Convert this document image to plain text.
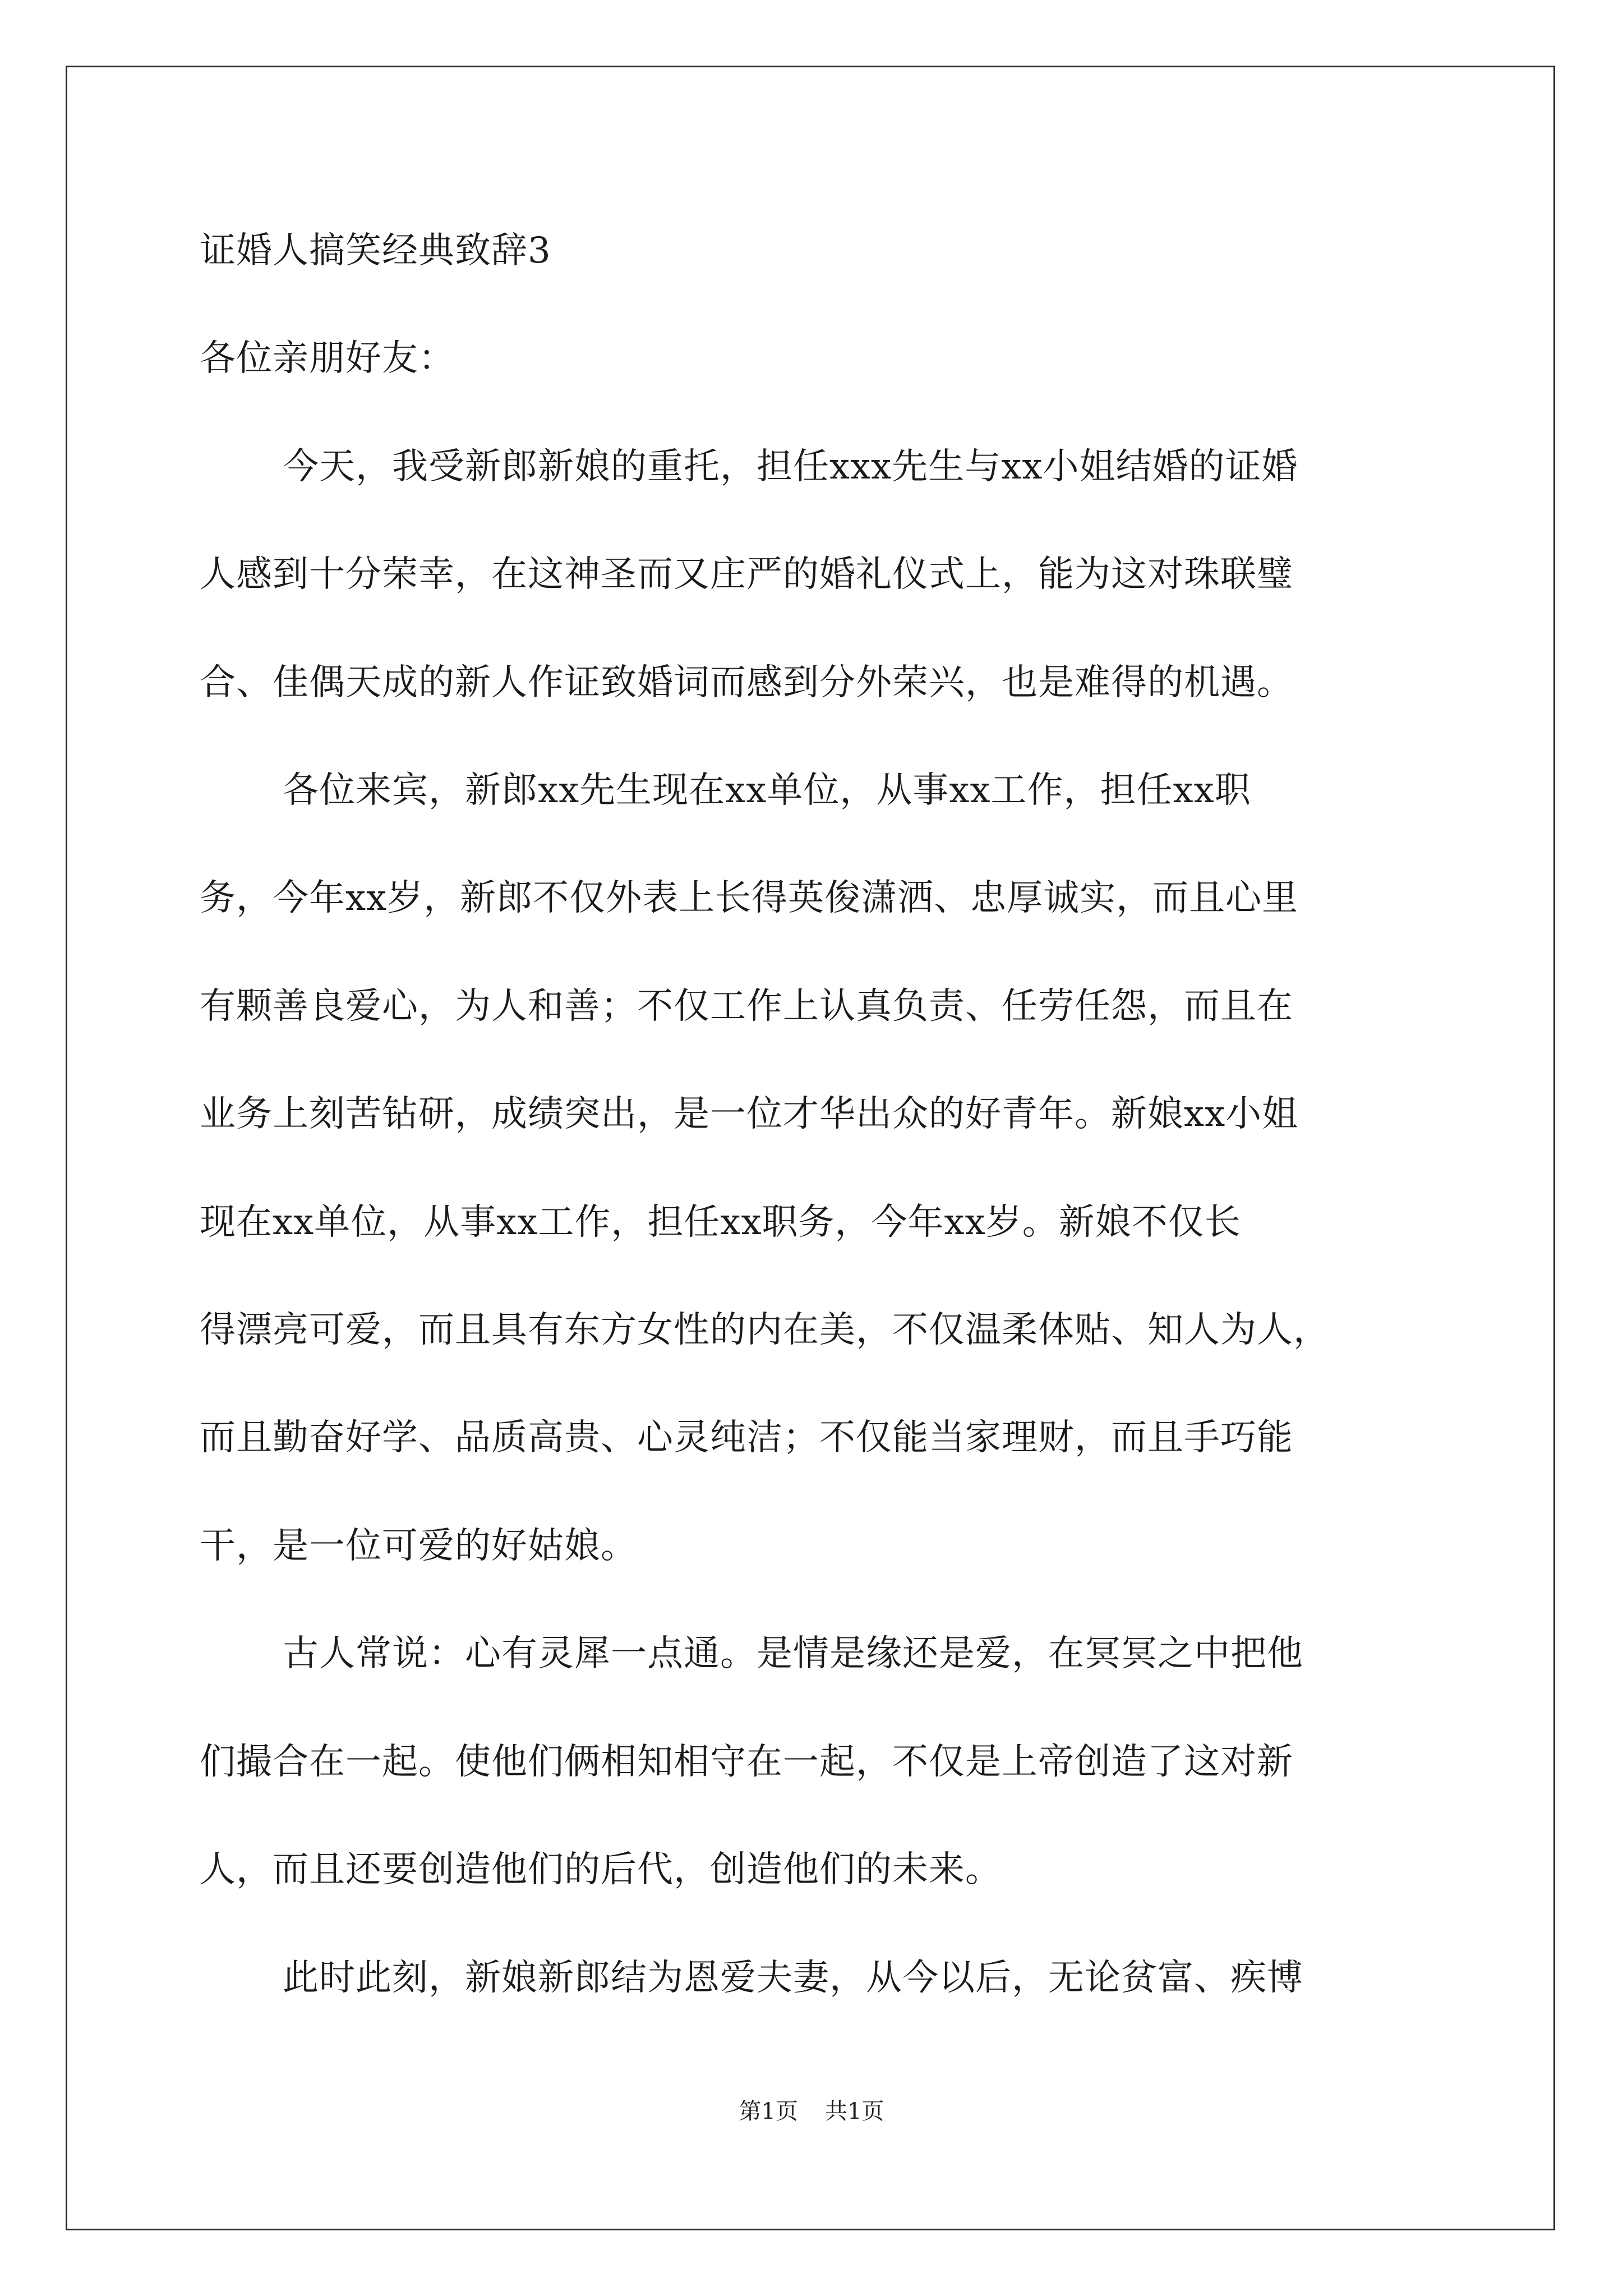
证婚人搞笑经典致辞3
各位亲朋好友：
今天，我受新郎新娘的重托，担任xxx先生与xx小姐结婚的证婚
人感到十分荣幸，在这神圣而又庄严的婚礼仪式上，能为这对珠联璧
合、佳偶天成的新人作证致婚词而感到分外荣兴，也是难得的机遇。
各位来宾，新郎xx先生现在xx单位，从事xx工作，担任xx职
务，今年xx岁，新郎不仅外表上长得英俊潇洒、忠厚诚实，而且心里
有颗善良爱心，为人和善；不仅工作上认真负责、任劳任怨，而且在
业务上刻苦钻研，成绩突出，是一位才华出众的好青年。新娘xx小姐
现在xx单位，从事xx工作，担任xx职务，今年xx岁。新娘不仅长
得漂亮可爱，而且具有东方女性的内在美，不仅温柔体贴、知人为人，
而且勤奋好学、品质高贵、心灵纯洁；不仅能当家理财，而且手巧能
干，是一位可爱的好姑娘。
古人常说：心有灵犀一点通。是情是缘还是爱，在冥冥之中把他
们撮合在一起。使他们俩相知相守在一起，不仅是上帝创造了这对新
人，而且还要创造他们的后代，创造他们的未来。
此时此刻，新娘新郎结为恩爱夫妻，从今以后，无论贫富、疾博
第1页 共1页
